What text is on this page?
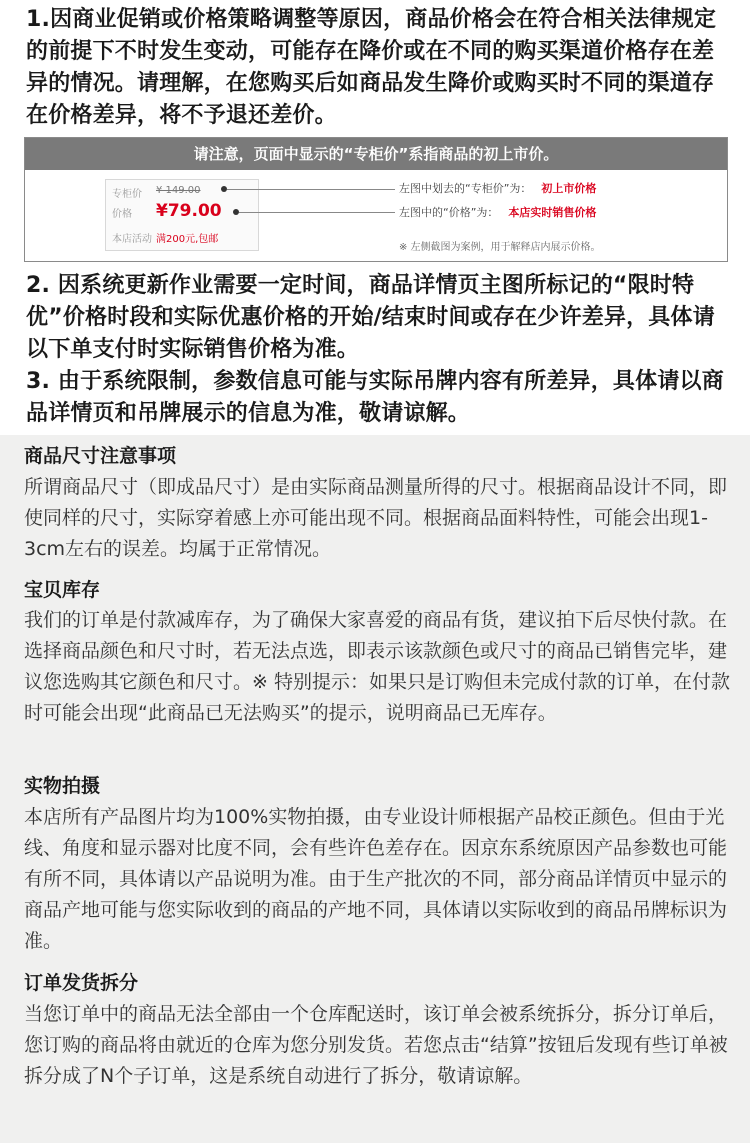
1.因商业促销或价格策略调整等原因，商品价格会在符合相关法律规定的前提下不时发生变动，可能存在降价或在不同的购买渠道价格存在差异的情况。请理解，在您购买后如商品发生降价或购买时不同的渠道存在价格差异，将不予退还差价。
请注意，页面中显示的“专柜价”系指商品的初上市价。
专柜价 ¥ 149.00
价格 ¥79.00
本店活动 满200元,包邮
左图中划去的“专柜价”为： 初上市价格
左图中的“价格”为： 本店实时销售价格
※ 左侧截图为案例，用于解释店内展示价格。
2. 因系统更新作业需要一定时间，商品详情页主图所标记的“限时特优”价格时段和实际优惠价格的开始/结束时间或存在少许差异，具体请以下单支付时实际销售价格为准。
3. 由于系统限制，参数信息可能与实际吊牌内容有所差异，具体请以商品详情页和吊牌展示的信息为准，敬请谅解。
商品尺寸注意事项
所谓商品尺寸（即成品尺寸）是由实际商品测量所得的尺寸。根据商品设计不同，即使同样的尺寸，实际穿着感上亦可能出现不同。根据商品面料特性，可能会出现1-3cm左右的误差。均属于正常情况。
宝贝库存
我们的订单是付款减库存，为了确保大家喜爱的商品有货，建议拍下后尽快付款。在选择商品颜色和尺寸时，若无法点选，即表示该款颜色或尺寸的商品已销售完毕，建议您选购其它颜色和尺寸。※ 特别提示：如果只是订购但未完成付款的订单，在付款时可能会出现“此商品已无法购买”的提示，说明商品已无库存。
实物拍摄
本店所有产品图片均为100%实物拍摄，由专业设计师根据产品校正颜色。但由于光线、角度和显示器对比度不同，会有些许色差存在。因京东系统原因产品参数也可能有所不同，具体请以产品说明为准。由于生产批次的不同，部分商品详情页中显示的商品产地可能与您实际收到的商品的产地不同，具体请以实际收到的商品吊牌标识为准。
订单发货拆分
当您订单中的商品无法全部由一个仓库配送时，该订单会被系统拆分，拆分订单后，您订购的商品将由就近的仓库为您分别发货。若您点击“结算”按钮后发现有些订单被拆分成了N个子订单，这是系统自动进行了拆分，敬请谅解。
